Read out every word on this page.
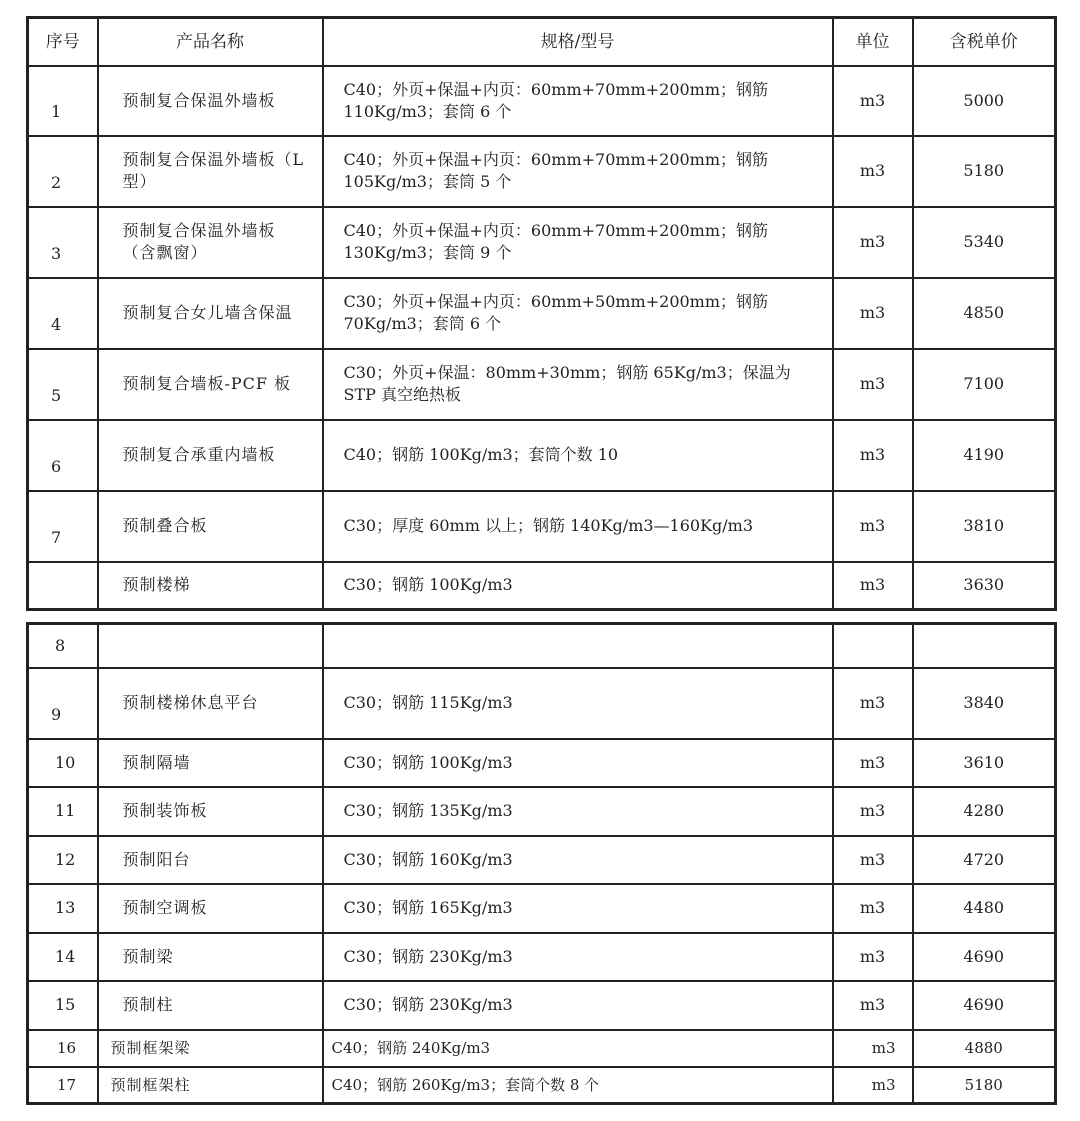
序号	产品名称	规格/型号	单位	含税单价
1	预制复合保温外墙板	C40；外页+保温+内页：60mm+70mm+200mm；钢筋 110Kg/m3；套筒 6 个	m3	5000
2	预制复合保温外墙板（L型）	C40；外页+保温+内页：60mm+70mm+200mm；钢筋 105Kg/m3；套筒 5 个	m3	5180
3	预制复合保温外墙板（含飘窗）	C40；外页+保温+内页：60mm+70mm+200mm；钢筋 130Kg/m3；套筒 9 个	m3	5340
4	预制复合女儿墙含保温	C30；外页+保温+内页：60mm+50mm+200mm；钢筋 70Kg/m3；套筒 6 个	m3	4850
5	预制复合墙板-PCF 板	C30；外页+保温：80mm+30mm；钢筋 65Kg/m3；保温为 STP 真空绝热板	m3	7100
6	预制复合承重内墙板	C40；钢筋 100Kg/m3；套筒个数 10	m3	4190
7	预制叠合板	C30；厚度 60mm 以上；钢筋 140Kg/m3—160Kg/m3	m3	3810
	预制楼梯	C30；钢筋 100Kg/m3	m3	3630
8				
9	预制楼梯休息平台	C30；钢筋 115Kg/m3	m3	3840
10	预制隔墙	C30；钢筋 100Kg/m3	m3	3610
11	预制装饰板	C30；钢筋 135Kg/m3	m3	4280
12	预制阳台	C30；钢筋 160Kg/m3	m3	4720
13	预制空调板	C30；钢筋 165Kg/m3	m3	4480
14	预制梁	C30；钢筋 230Kg/m3	m3	4690
15	预制柱	C30；钢筋 230Kg/m3	m3	4690
16	预制框架梁	C40；钢筋 240Kg/m3	m3	4880
17	预制框架柱	C40；钢筋 260Kg/m3；套筒个数 8 个	m3	5180
